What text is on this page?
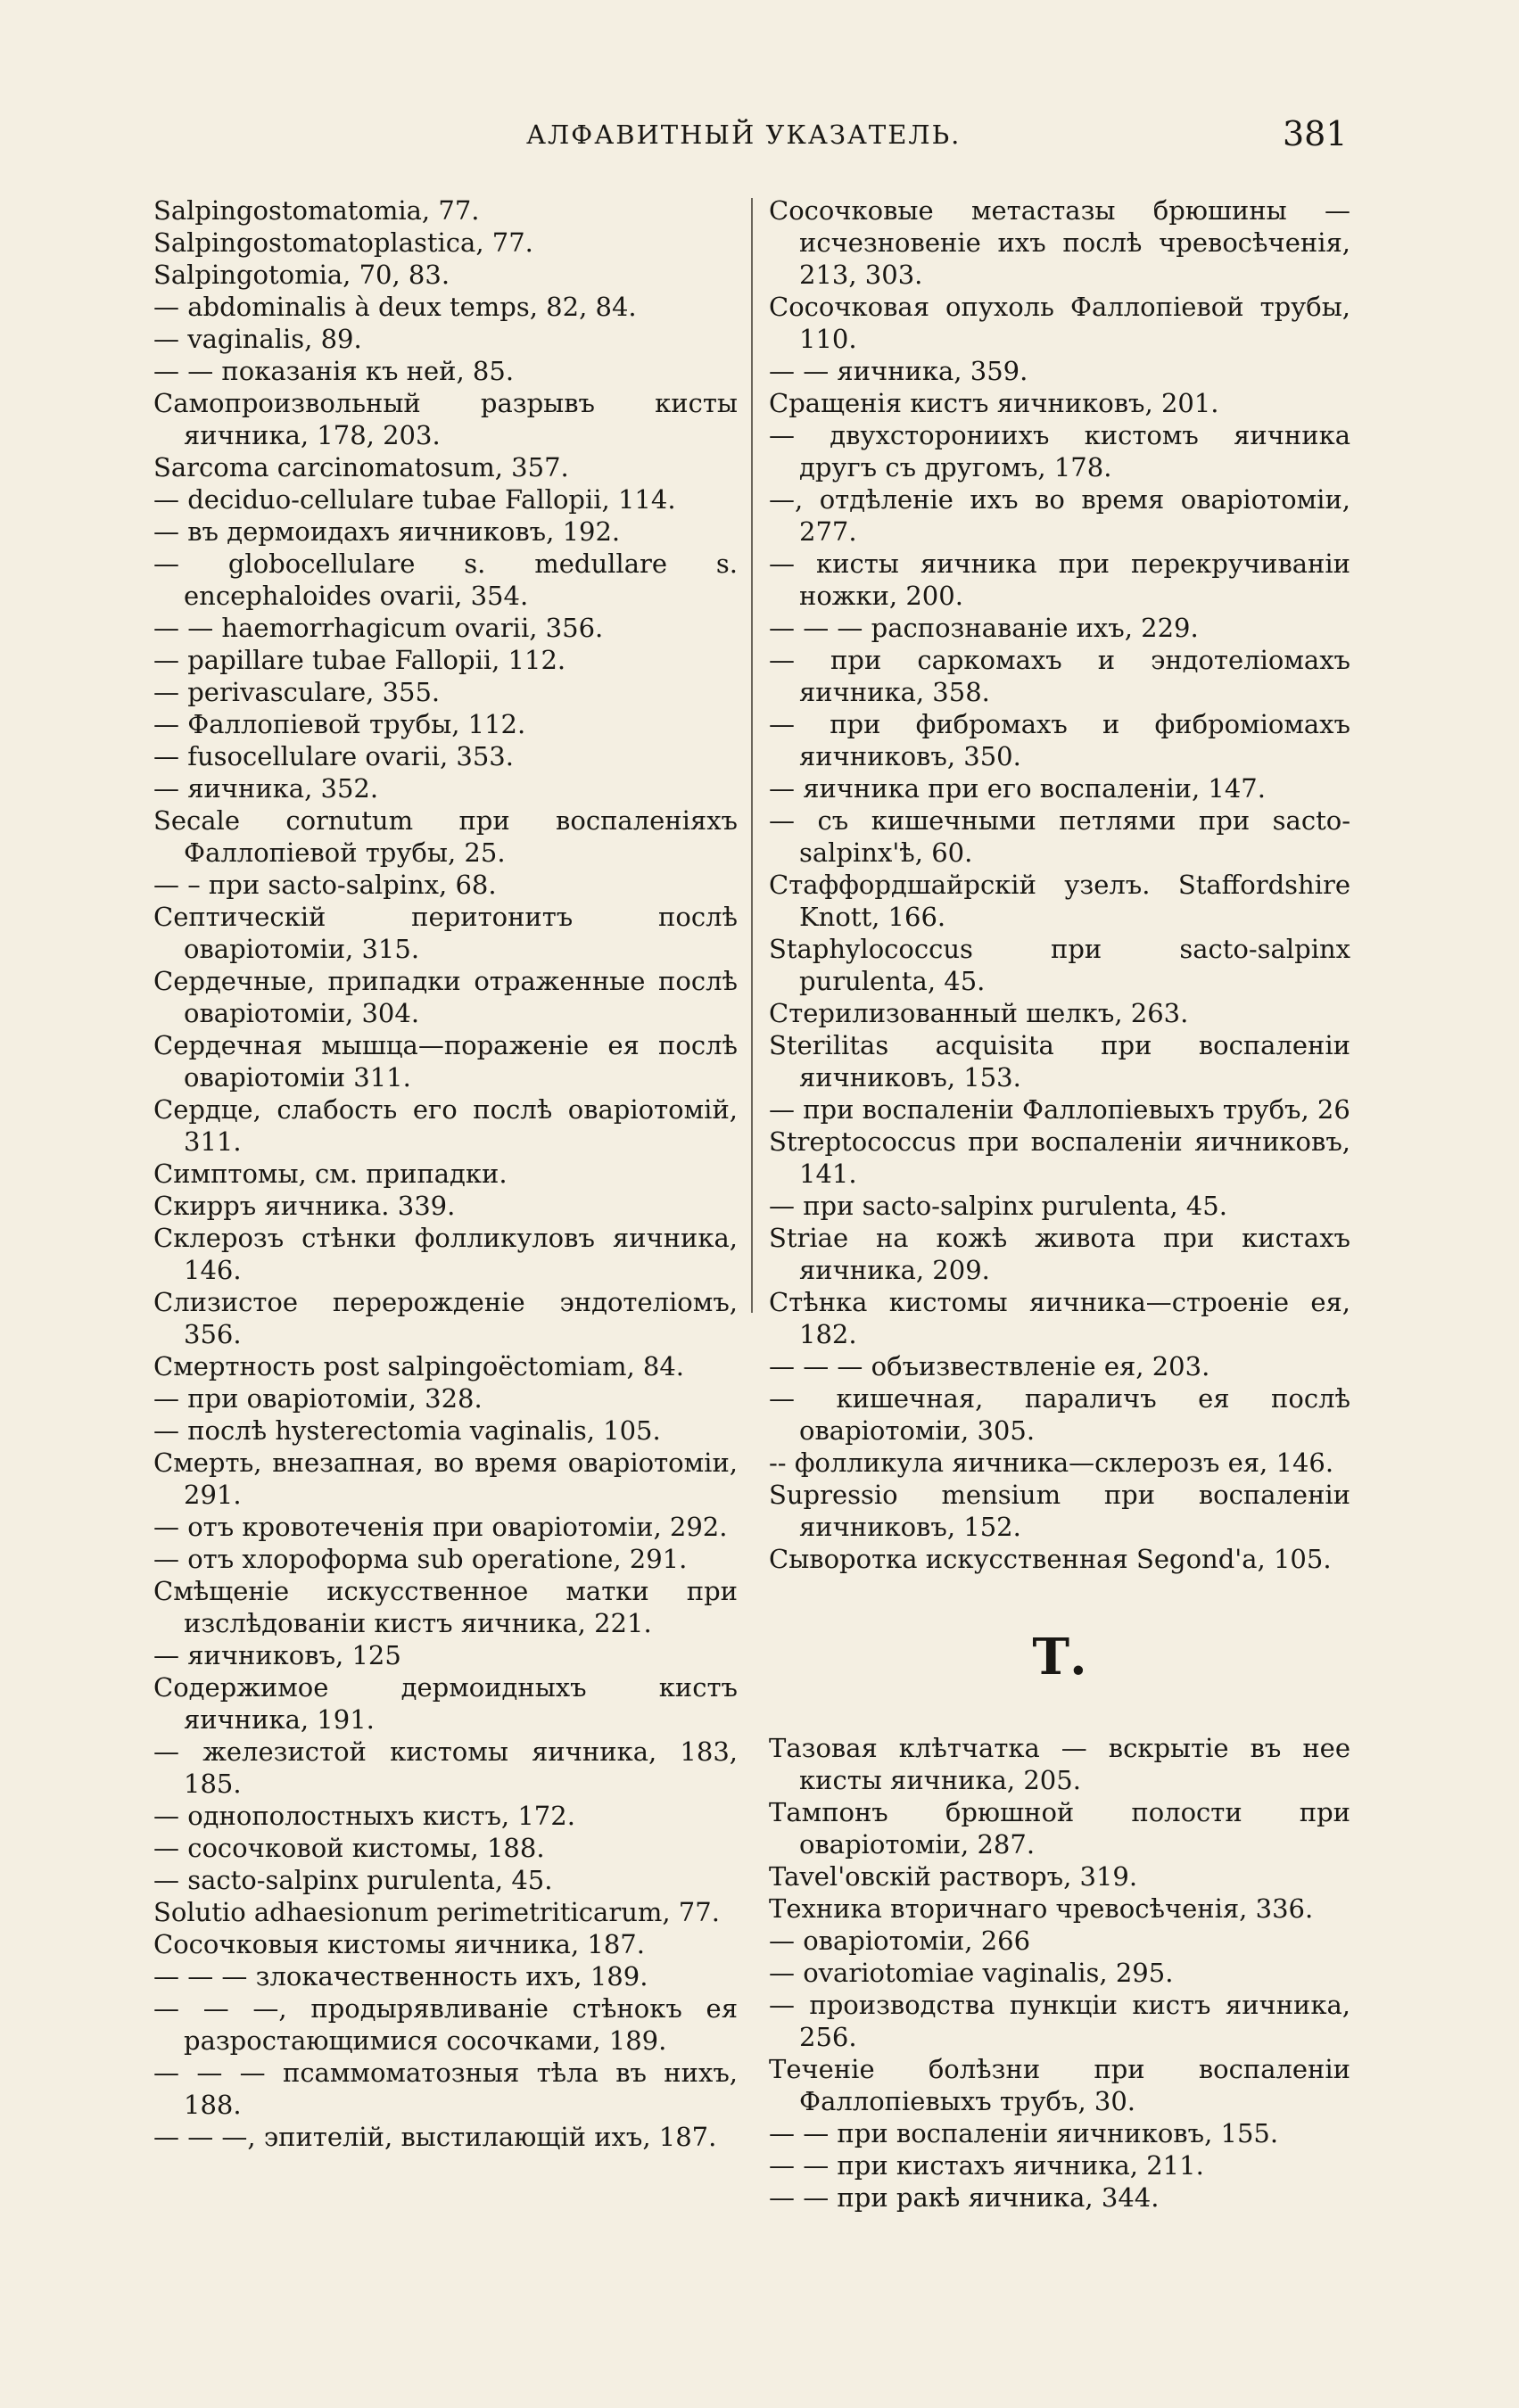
АЛФАВИТНЫЙ УКАЗАТЕЛЬ.	381
Salpingostomatomia, 77.
Salpingostomatoplastica, 77.
Salpingotomia, 70, 83.
— abdominalis à deux temps, 82, 84.
— vaginalis, 89.
— — показанія къ ней, 85.
Самопроизвольный разрывъ кисты яичника, 178, 203.
Sarcoma carcinomatosum, 357.
— deciduo-cellulare tubae Fallopii, 114.
— въ дермоидахъ яичниковъ, 192.
— globocellulare s. medullare s. encephaloides ovarii, 354.
— — haemorrhagicum ovarii, 356.
— papillare tubae Fallopii, 112.
— perivasculare, 355.
— Фаллопіевой трубы, 112.
— fusocellulare ovarii, 353.
— яичника, 352.
Secale cornutum при воспаленіяхъ Фаллопіевой трубы, 25.
— – при sacto-salpinx, 68.
Септическій перитонитъ послѣ оваріотоміи, 315.
Сердечные, припадки отраженные послѣ оваріотоміи, 304.
Сердечная мышца—пораженіе ея послѣ оваріотоміи 311.
Сердце, слабость его послѣ оваріотомій, 311.
Симптомы, см. припадки.
Скирръ яичника. 339.
Склерозъ стѣнки фолликуловъ яичника, 146.
Слизистое перерожденіе эндотеліомъ, 356.
Смертность post salpingoëctomiam, 84.
— при оваріотоміи, 328.
— послѣ hysterectomia vaginalis, 105.
Смерть, внезапная, во время оваріотоміи, 291.
— отъ кровотеченія при оваріотоміи, 292.
— отъ хлороформа sub operatione, 291.
Смѣщеніе искусственное матки при изслѣдованіи кистъ яичника, 221.
— яичниковъ, 125
Содержимое дермоидныхъ кистъ яичника, 191.
— железистой кистомы яичника, 183, 185.
— однополостныхъ кистъ, 172.
— сосочковой кистомы, 188.
— sacto-salpinx purulenta, 45.
Solutio adhaesionum perimetriticarum, 77.
Сосочковыя кистомы яичника, 187.
— — — злокачественность ихъ, 189.
— — —, продырявливаніе стѣнокъ ея разростающимися сосочками, 189.
— — — псаммоматозныя тѣла въ нихъ, 188.
— — —, эпителій, выстилающій ихъ, 187.
Сосочковые метастазы брюшины — исчезновеніе ихъ послѣ чревосѣченія, 213, 303.
Сосочковая опухоль Фаллопіевой трубы, 110.
— — яичника, 359.
Сращенія кистъ яичниковъ, 201.
— двухсторониихъ кистомъ яичника другъ съ другомъ, 178.
—, отдѣленіе ихъ во время оваріотоміи, 277.
— кисты яичника при перекручиваніи ножки, 200.
— — — распознаваніе ихъ, 229.
— при саркомахъ и эндотеліомахъ яичника, 358.
— при фибромахъ и фиброміомахъ яичниковъ, 350.
— яичника при его воспаленіи, 147.
— съ кишечными петлями при sacto-salpinx'ѣ, 60.
Стаффордшайрскій узелъ. Staffordshire Knott, 166.
Staphylococcus при sacto-salpinx purulenta, 45.
Стерилизованный шелкъ, 263.
Sterilitas acquisita при воспаленіи яичниковъ, 153.
— при воспаленіи Фаллопіевыхъ трубъ, 26
Streptococcus при воспаленіи яичниковъ, 141.
— при sacto-salpinx purulenta, 45.
Striae на кожѣ живота при кистахъ яичника, 209.
Стѣнка кистомы яичника—строеніе ея, 182.
— — — объизвествленіе ея, 203.
— кишечная, параличъ ея послѣ оваріотоміи, 305.
-- фолликула яичника—склерозъ ея, 146.
Supressio mensium при воспаленіи яичниковъ, 152.
Сыворотка искусственная Segond'a, 105.
Т.
Тазовая клѣтчатка — вскрытіе въ нее кисты яичника, 205.
Тампонъ брюшной полости при оваріотоміи, 287.
Tavel'овскій растворъ, 319.
Техника вторичнаго чревосѣченія, 336.
— оваріотоміи, 266
— ovariotomiae vaginalis, 295.
— производства пункціи кистъ яичника, 256.
Теченіе болѣзни при воспаленіи Фаллопіевыхъ трубъ, 30.
— — при воспаленіи яичниковъ, 155.
— — при кистахъ яичника, 211.
— — при ракѣ яичника, 344.
